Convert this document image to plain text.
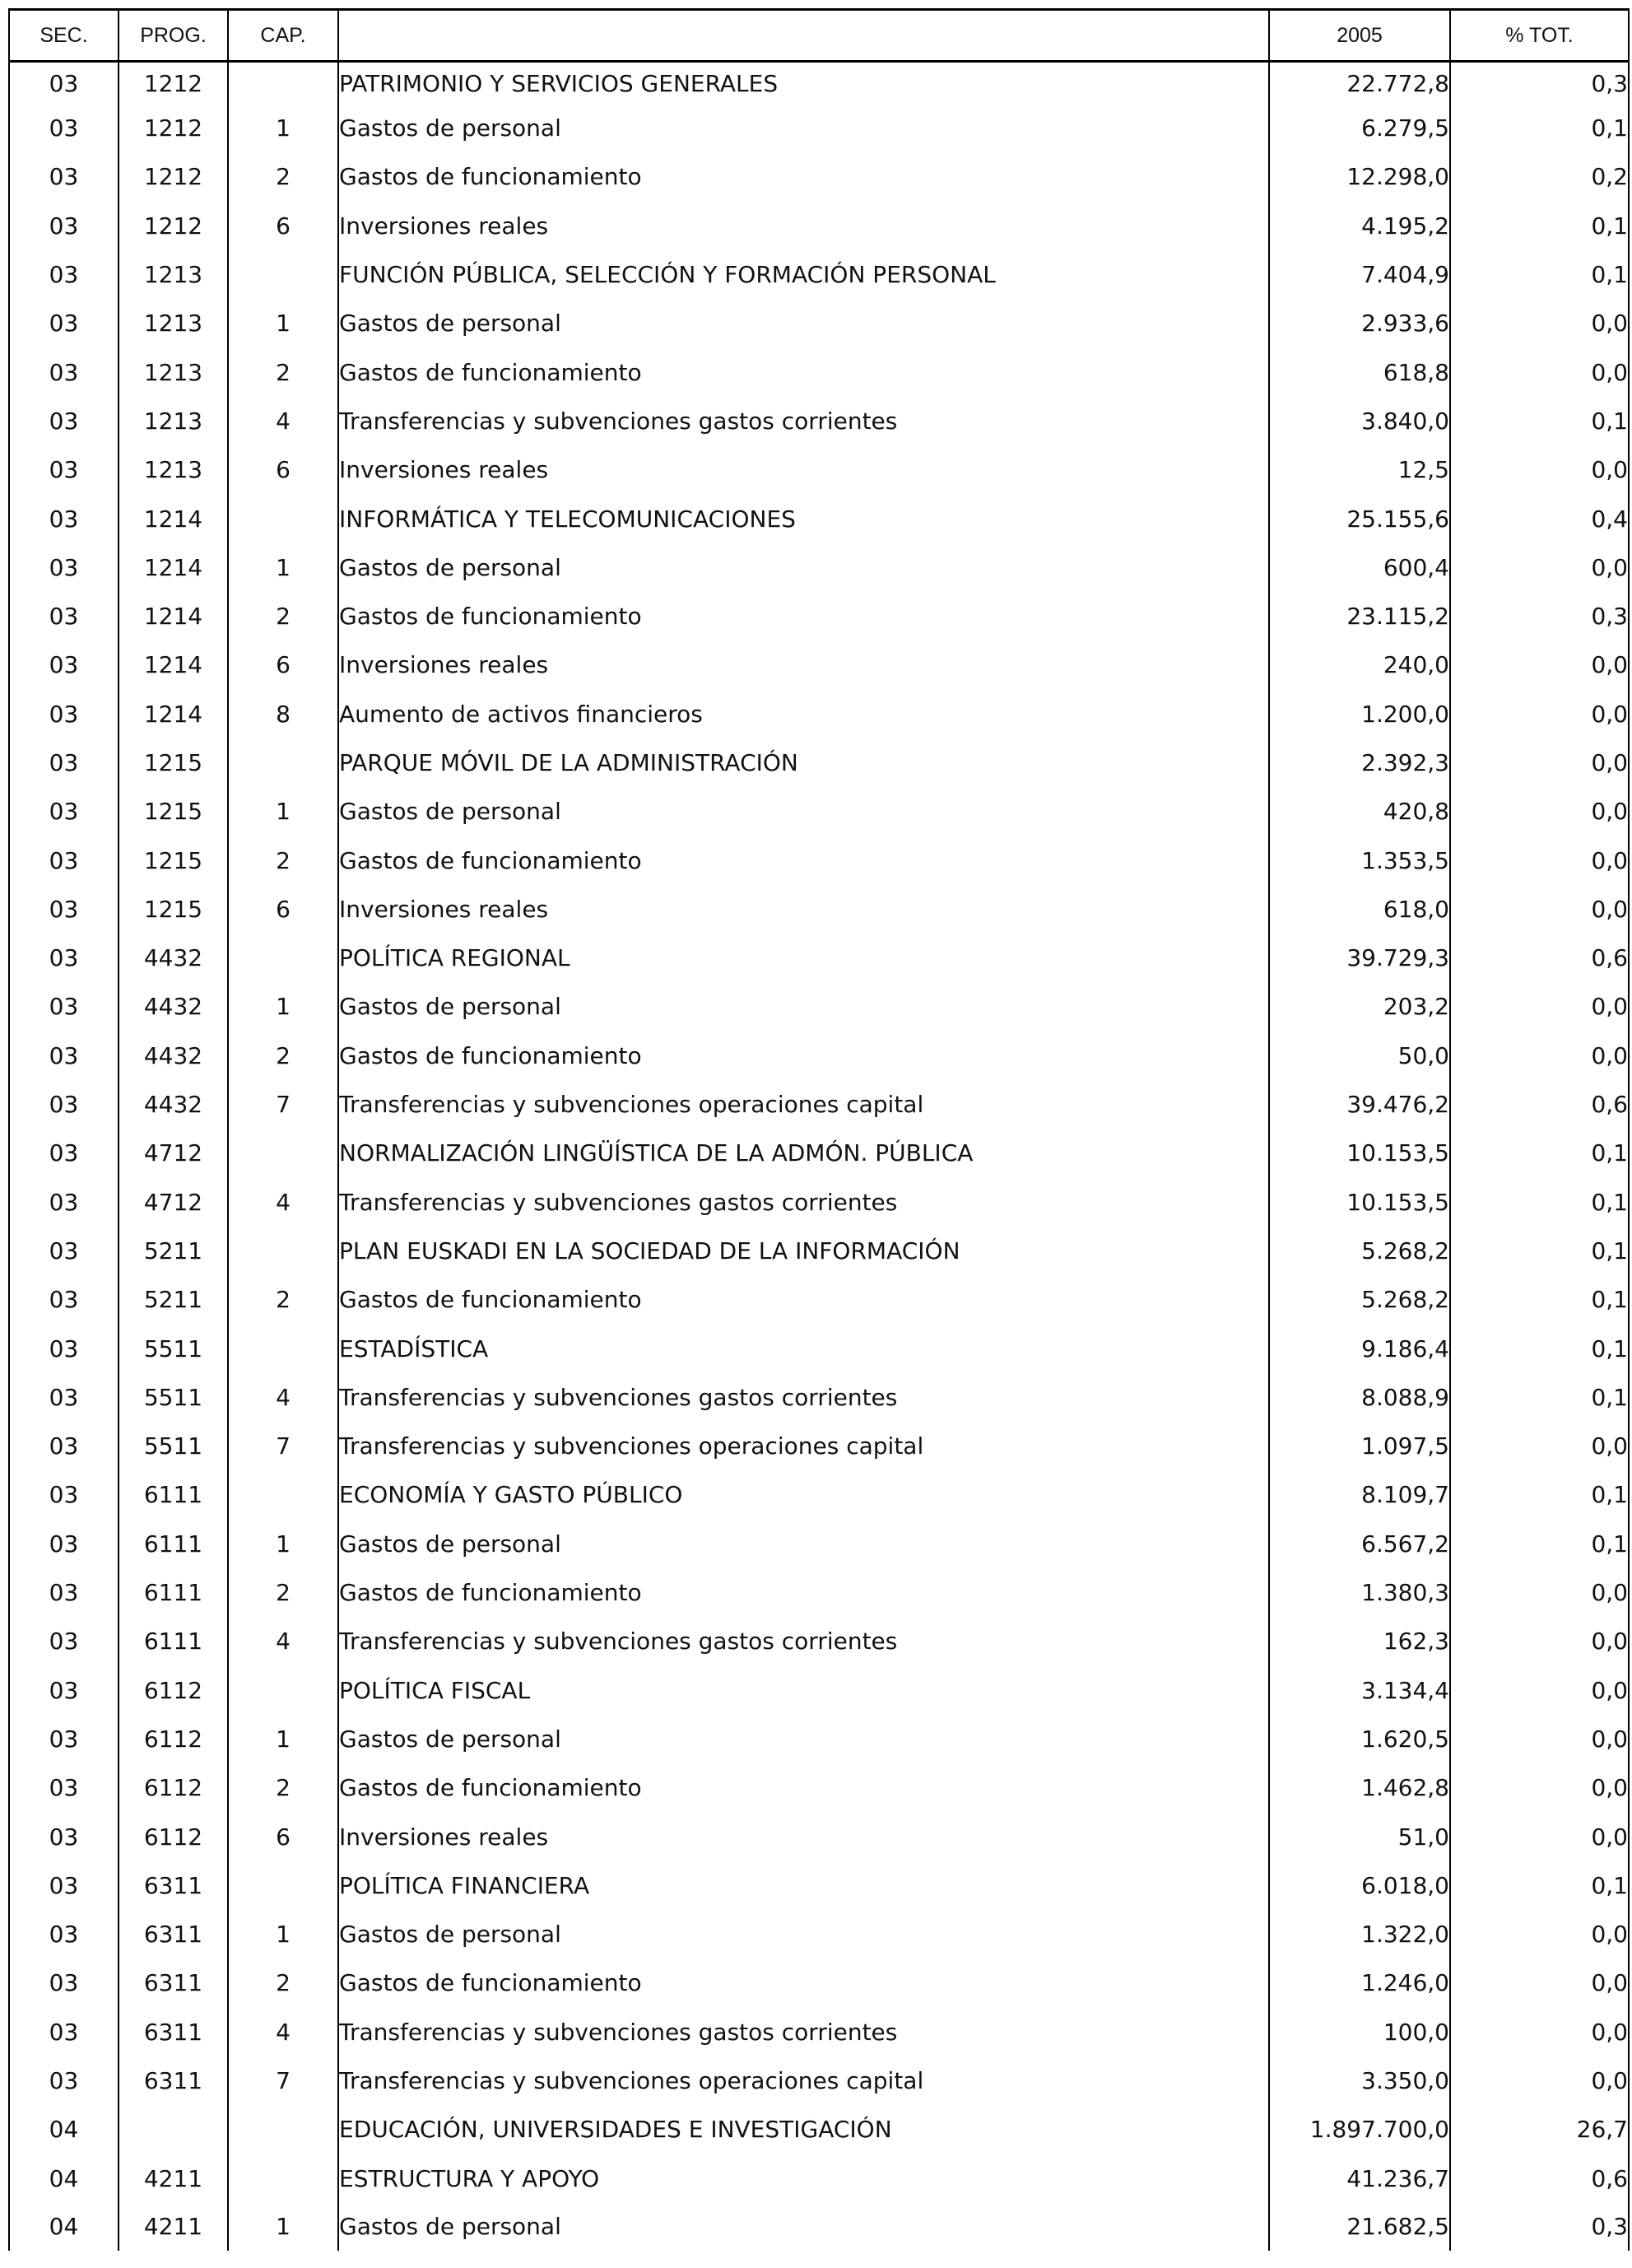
SEC.	PROG.	CAP.		2005	% TOT.
03	1212		PATRIMONIO Y SERVICIOS GENERALES	22.772,8	0,3
03	1212	1	Gastos de personal	6.279,5	0,1
03	1212	2	Gastos de funcionamiento	12.298,0	0,2
03	1212	6	Inversiones reales	4.195,2	0,1
03	1213		FUNCIÓN PÚBLICA, SELECCIÓN Y FORMACIÓN PERSONAL	7.404,9	0,1
03	1213	1	Gastos de personal	2.933,6	0,0
03	1213	2	Gastos de funcionamiento	618,8	0,0
03	1213	4	Transferencias y subvenciones gastos corrientes	3.840,0	0,1
03	1213	6	Inversiones reales	12,5	0,0
03	1214		INFORMÁTICA Y TELECOMUNICACIONES	25.155,6	0,4
03	1214	1	Gastos de personal	600,4	0,0
03	1214	2	Gastos de funcionamiento	23.115,2	0,3
03	1214	6	Inversiones reales	240,0	0,0
03	1214	8	Aumento de activos financieros	1.200,0	0,0
03	1215		PARQUE MÓVIL DE LA ADMINISTRACIÓN	2.392,3	0,0
03	1215	1	Gastos de personal	420,8	0,0
03	1215	2	Gastos de funcionamiento	1.353,5	0,0
03	1215	6	Inversiones reales	618,0	0,0
03	4432		POLÍTICA REGIONAL	39.729,3	0,6
03	4432	1	Gastos de personal	203,2	0,0
03	4432	2	Gastos de funcionamiento	50,0	0,0
03	4432	7	Transferencias y subvenciones operaciones capital	39.476,2	0,6
03	4712		NORMALIZACIÓN LINGÜÍSTICA DE LA ADMÓN. PÚBLICA	10.153,5	0,1
03	4712	4	Transferencias y subvenciones gastos corrientes	10.153,5	0,1
03	5211		PLAN EUSKADI EN LA SOCIEDAD DE LA INFORMACIÓN	5.268,2	0,1
03	5211	2	Gastos de funcionamiento	5.268,2	0,1
03	5511		ESTADÍSTICA	9.186,4	0,1
03	5511	4	Transferencias y subvenciones gastos corrientes	8.088,9	0,1
03	5511	7	Transferencias y subvenciones operaciones capital	1.097,5	0,0
03	6111		ECONOMÍA Y GASTO PÚBLICO	8.109,7	0,1
03	6111	1	Gastos de personal	6.567,2	0,1
03	6111	2	Gastos de funcionamiento	1.380,3	0,0
03	6111	4	Transferencias y subvenciones gastos corrientes	162,3	0,0
03	6112		POLÍTICA FISCAL	3.134,4	0,0
03	6112	1	Gastos de personal	1.620,5	0,0
03	6112	2	Gastos de funcionamiento	1.462,8	0,0
03	6112	6	Inversiones reales	51,0	0,0
03	6311		POLÍTICA FINANCIERA	6.018,0	0,1
03	6311	1	Gastos de personal	1.322,0	0,0
03	6311	2	Gastos de funcionamiento	1.246,0	0,0
03	6311	4	Transferencias y subvenciones gastos corrientes	100,0	0,0
03	6311	7	Transferencias y subvenciones operaciones capital	3.350,0	0,0
04			EDUCACIÓN, UNIVERSIDADES E INVESTIGACIÓN	1.897.700,0	26,7
04	4211		ESTRUCTURA Y APOYO	41.236,7	0,6
04	4211	1	Gastos de personal	21.682,5	0,3
